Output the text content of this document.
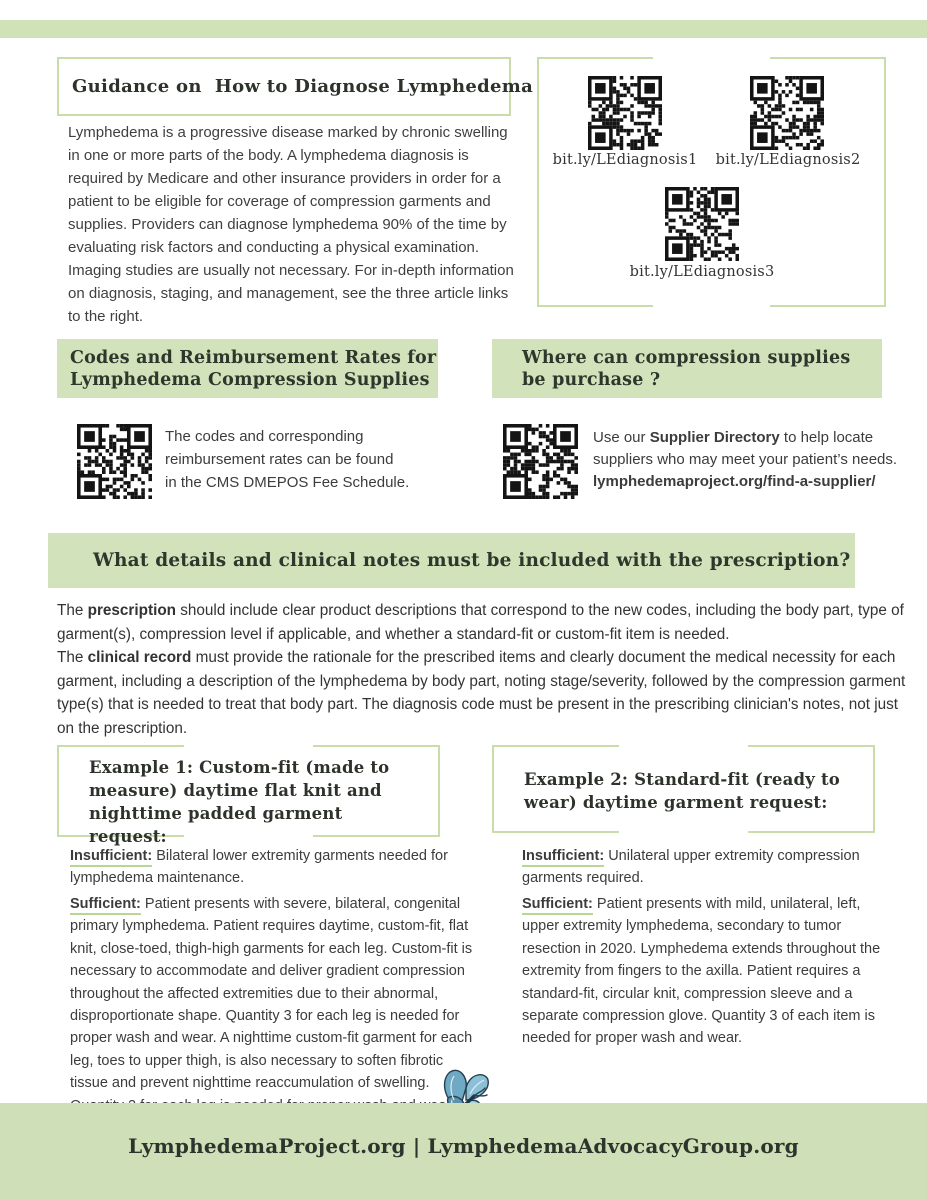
Guidance on  How to Diagnose Lymphedema
Lymphedema is a progressive disease marked by chronic swelling in one or more parts of the body. A lymphedema diagnosis is required by Medicare and other insurance providers in order for a patient to be eligible for coverage of compression garments and supplies. Providers can diagnose lymphedema 90% of the time by evaluating risk factors and conducting a physical examination. Imaging studies are usually not necessary. For in-depth information on diagnosis, staging, and management, see the three article links to the right.
bit.ly/LEdiagnosis1	bit.ly/LEdiagnosis2
bit.ly/LEdiagnosis3
Codes and Reimbursement Rates for
Lymphedema Compression Supplies
The codes and corresponding
reimbursement rates can be found
in the CMS DMEPOS Fee Schedule.
Where can compression supplies
be purchase ?
Use our Supplier Directory to help locate
suppliers who may meet your patient’s needs.
lymphedemaproject.org/find-a-supplier/
What details and clinical notes must be included with the prescription?
The prescription should include clear product descriptions that correspond to the new codes, including the body part, type of garment(s), compression level if applicable, and whether a standard-fit or custom-fit item is needed.
The clinical record must provide the rationale for the prescribed items and clearly document the medical necessity for each garment, including a description of the lymphedema by body part, noting stage/severity, followed by the compression garment type(s) that is needed to treat that body part. The diagnosis code must be present in the prescribing clinician's notes, not just on the prescription.
Example 1: Custom-fit (made to measure) daytime flat knit and nighttime padded garment request:
Insufficient: Bilateral lower extremity garments needed for lymphedema maintenance.
Sufficient: Patient presents with severe, bilateral, congenital primary lymphedema. Patient requires daytime, custom-fit, flat knit, close-toed, thigh-high garments for each leg. Custom-fit is necessary to accommodate and deliver gradient compression throughout the affected extremities due to their abnormal, disproportionate shape. Quantity 3 for each leg is needed for proper wash and wear. A nighttime custom-fit garment for each leg, toes to upper thigh, is also necessary to soften fibrotic tissue and prevent nighttime reaccumulation of swelling.
Example 2: Standard-fit (ready to wear) daytime garment request:
Insufficient: Unilateral upper extremity compression garments required.
Sufficient: Patient presents with mild, unilateral, left, upper extremity lymphedema, secondary to tumor resection in 2020. Lymphedema extends throughout the extremity from fingers to the axilla. Patient requires a standard-fit, circular knit, compression sleeve and a separate compression glove. Quantity 3 of each item is needed for proper wash and wear.
LymphedemaProject.org | LymphedemaAdvocacyGroup.org
